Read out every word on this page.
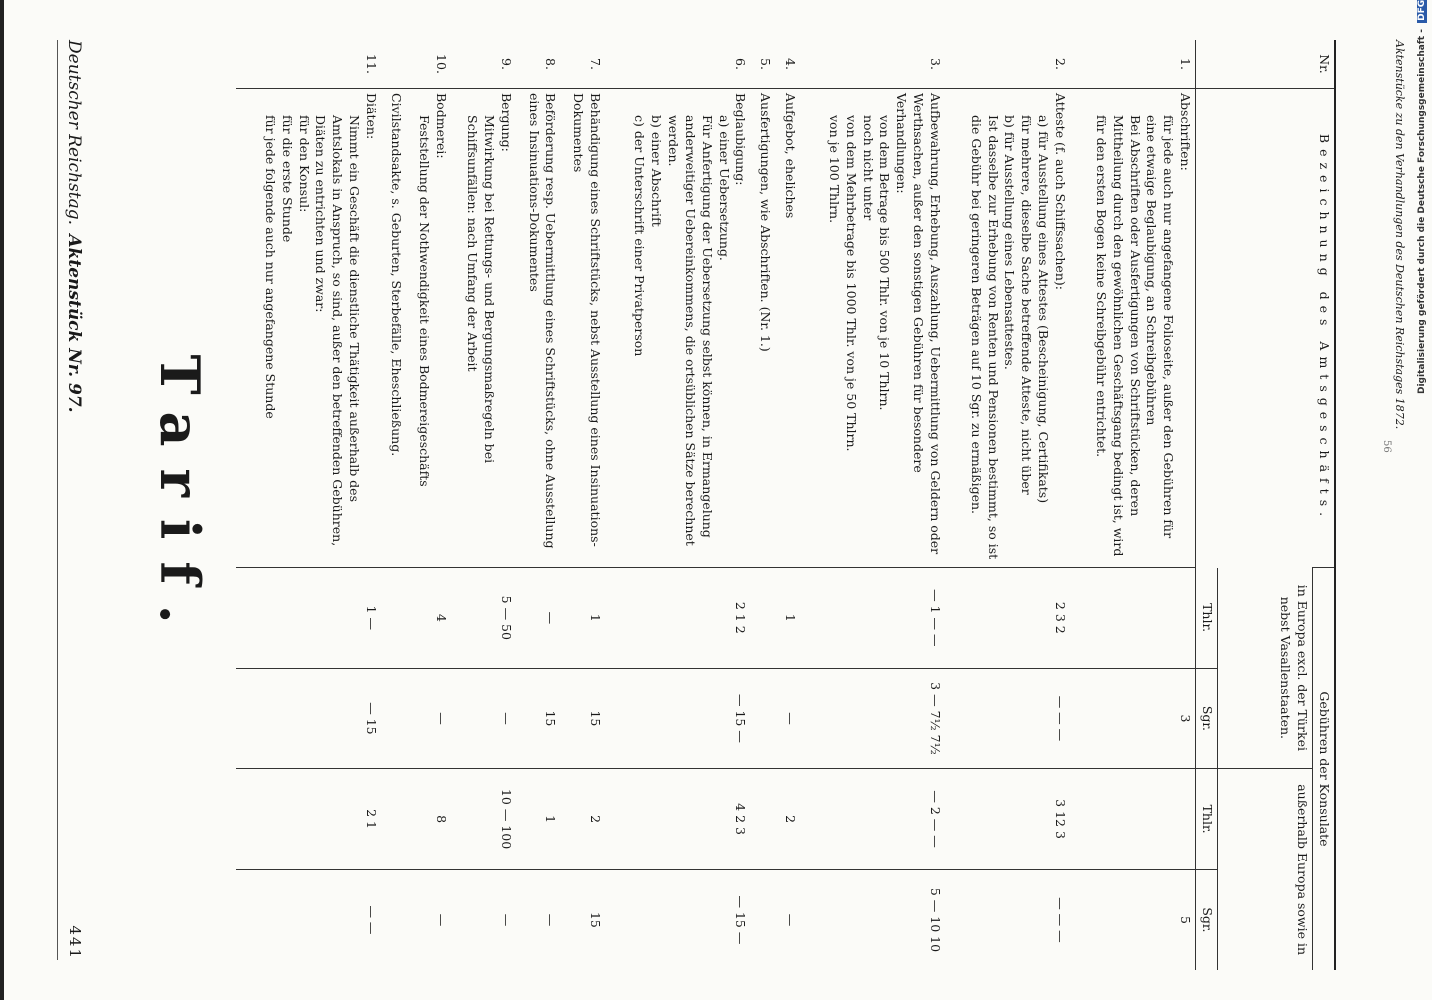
Deutscher Reichstag. Aktenstück Nr. 97.
441
Tarif.
Nr.	Bezeichnung des Amtsgeschäfts.	Gebühren der Konsulate			
		in Europa excl. der Türkei nebst Vasallenstaaten.		außerhalb Europa sowie in	
		Thlr.	Sgr.	Thlr.	Sgr.
1.	Abschriften:
für jede auch nur angefangene Folioseite, außer den Gebühren für eine etwaige Beglaubigung, an Schreibgebühren
Bei Abschriften oder Ausfertigungen von Schriftstücken, deren Mittheilung durch den gewöhnlichen Geschäftsgang bedingt ist, wird für den ersten Bogen keine Schreibgebühr entrichtet.		3		5
2.	Atteste (f. auch Schiffssachen):
a) für Ausstellung eines Attestes (Bescheinigung, Certifikats)
für mehrere, dieselbe Sache betreffende Atteste, nicht über
b) für Ausstellung eines Lebensattestes.
Ist dasselbe zur Erhebung von Renten und Pensionen bestimmt, so ist die Gebühr bei geringeren Beträgen auf 10 Sgr. zu ermäßigen.	2 3 2	— — —	3 12 3	— — —
3.	Aufbewahrung, Erhebung, Auszahlung, Uebermittlung von Geldern oder Werthsachen, außer den sonstigen Gebühren für besondere Verhandlungen:
von dem Betrage bis 500 Thlr. von je 10 Thlrn.
noch nicht unter
von dem Mehrbetrage bis 1000 Thlr. von je 50 Thlrn.
von je 100 Thlrn.	— 1 — —	3 — 7½ 7½	— 2 — —	5 — 10 10
4.	Aufgebot, eheliches	1	—	2	—
5.	Ausfertigungen, wie Abschriften. (Nr. 1.)				

6.	Beglaubigung:
a) einer Uebersetzung.
Für Anfertigung der Uebersetzung selbst können, in Ermangelung anderweitiger Uebereinkommens, die ortsüblichen Sätze berechnet werden.
b) einer Abschrift
c) der Unterschrift einer Privatperson	2 1 2	— 15 —	4 2 3	— 15 —
7.	Behändigung eines Schriftstücks, nebst Ausstellung eines Insinuations-Dokumentes	1	15	2	15
8.	Beförderung resp. Uebermittlung eines Schriftstücks, ohne Ausstellung eines Insinuations-Dokumentes	—	15	1	—
9.	Bergung:
Mitwirkung bei Rettungs- und Bergungsmaßregeln bei Schiffsunfällen: nach Umfang der Arbeit	5 — 50	—	10 — 100	—
10.	Bodmerei:
Feststellung der Nothwendigkeit eines Bodmereigeschäfts	4	—	8	—

	Civilstandsakte, s. Geburten, Sterbefälle, Eheschließung.				

11.	Diäten:
Nimmt ein Geschäft die dienstliche Thätigkeit außerhalb des Amtslokals in Anspruch, so sind, außer den betreffenden Gebühren, Diäten zu entrichten und zwar:
für den Konsul:
für die erste Stunde
für jede folgende auch nur angefangene Stunde	1 —	— 15	2 1	— —
Aktenstücke zu den Verhandlungen des Deutschen Reichstages 1872.
56
Digitalisierung gefördert durch die Deutsche Forschungsgemeinschaft - DFG
